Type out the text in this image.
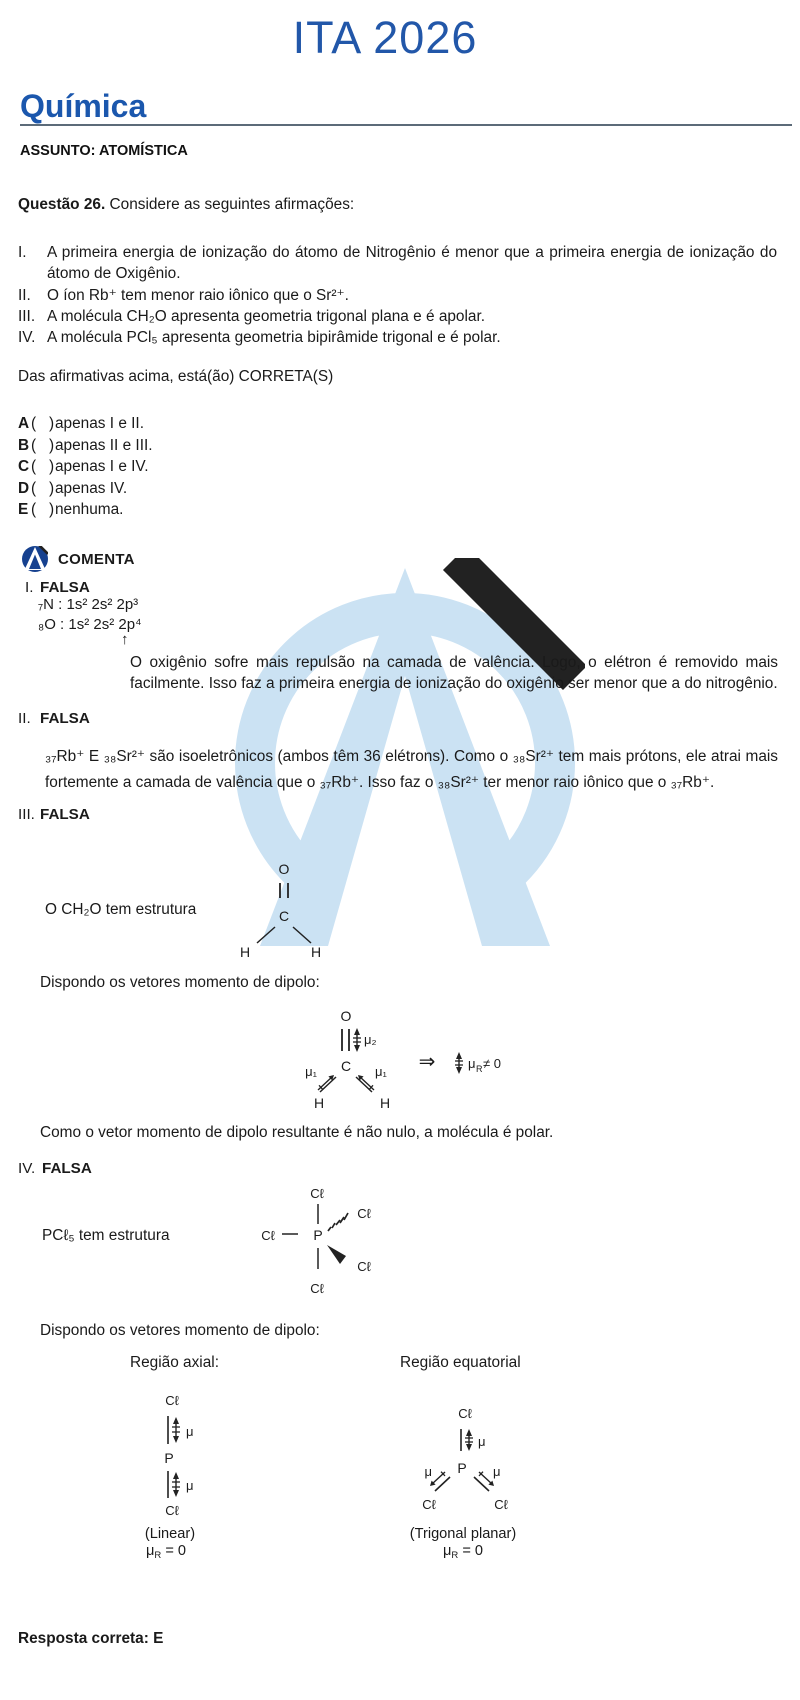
ITA 2026
Química
ASSUNTO: ATOMÍSTICA
Questão 26. Considere as seguintes afirmações:
I. A primeira energia de ionização do átomo de Nitrogênio é menor que a primeira energia de ionização do átomo de Oxigênio.
II. O íon Rb⁺ tem menor raio iônico que o Sr²⁺.
III. A molécula CH₂O apresenta geometria trigonal plana e é apolar.
IV. A molécula PCl₅ apresenta geometria bipirâmide trigonal e é polar.
Das afirmativas acima, está(ão) CORRETA(S)
A (   )apenas I e II.
B (   )apenas II e III.
C (   )apenas I e IV.
D (   )apenas IV.
E (   )nenhuma.
COMENTA
I. FALSA
₇N : 1s² 2s² 2p³
₈O : 1s² 2s² 2p⁴
↑
O oxigênio sofre mais repulsão na camada de valência. Logo, o elétron é removido mais facilmente. Isso faz a primeira energia de ionização do oxigênio ser menor que a do nitrogênio.
II. FALSA
₃₇Rb⁺ E ₃₈Sr²⁺ são isoeletrônicos (ambos têm 36 elétrons). Como o ₃₈Sr²⁺ tem mais prótons, ele atrai mais fortemente a camada de valência que o ₃₇Rb⁺. Isso faz o ₃₈Sr²⁺ ter menor raio iônico que o ₃₇Rb⁺.
III. FALSA
O CH₂O tem estrutura
O
C
H	H
Dispondo os vetores momento de dipolo:
O
μ₂
C
μ₁
H
μ₁
H
⇒	μ R ≠ 0
Como o vetor momento de dipolo resultante é não nulo, a molécula é polar.
IV. FALSA
PCℓ₅ tem estrutura
Cℓ
P
Cℓ
Cℓ
Cℓ
Cℓ
Dispondo os vetores momento de dipolo:
Região axial:	Região equatorial
Cℓ
μ
P
μ
Cℓ
Cℓ
μ
P
μ
Cℓ
μ
Cℓ
(Linear)
$\mu_R = 0$
(Trigonal planar)
$\mu_R = 0$
Resposta correta: E
